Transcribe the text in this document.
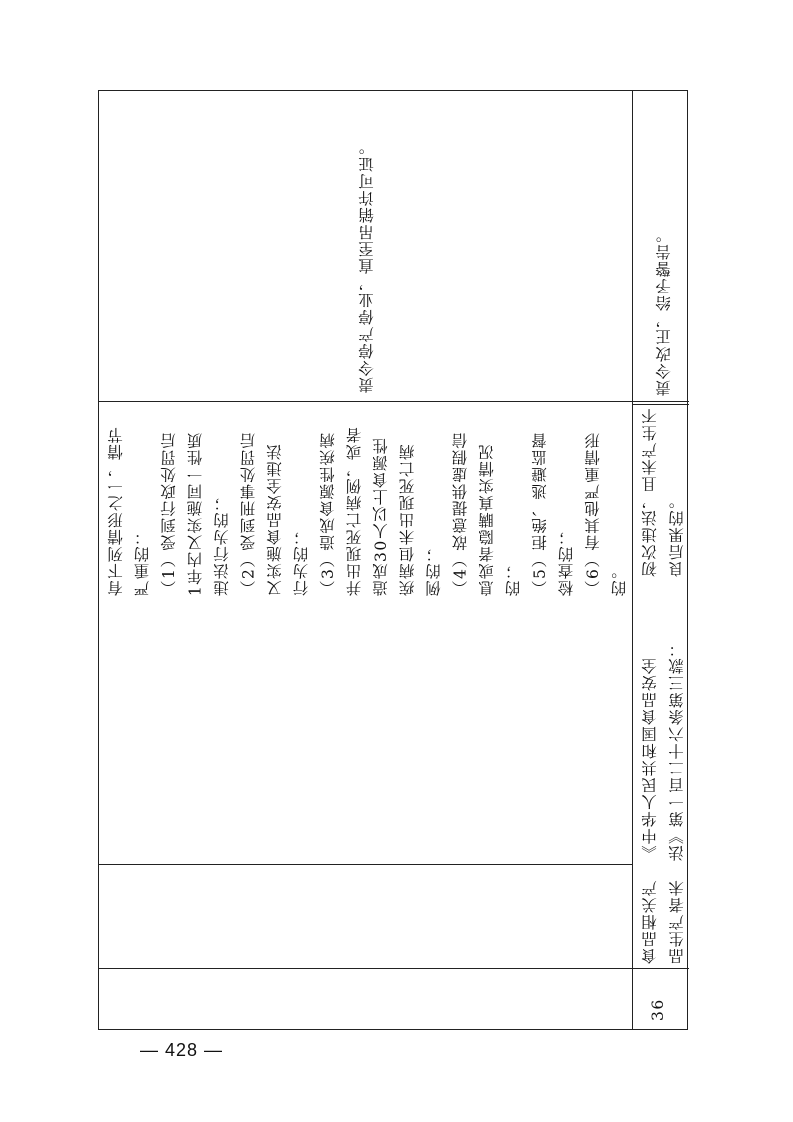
36
食品相关产 品生产者未
《中华人民共和国食品安全 法》第一百二十六条第三款：
初次违法，且未产生不 良后果的。
责令改正，给予警告。
有下列情形之一，情节 严重的： （1）受到行政处罚后 1年内又实施同一性质 违法行为的； （2）受到刑事处罚后 又实施食品安全违法 行为的； （3）造成食源性疾病 并出现死亡病例，或者 造成30人以上食源性 疾病但未出现死亡病 例的； （4）故意提供虚假信 息或者隐瞒真实情况 的； （5）拒绝、逃避监督 检查的； （6）有其他严重情形 的。
责令停产停业，直至吊销许可证。
— 428 —
